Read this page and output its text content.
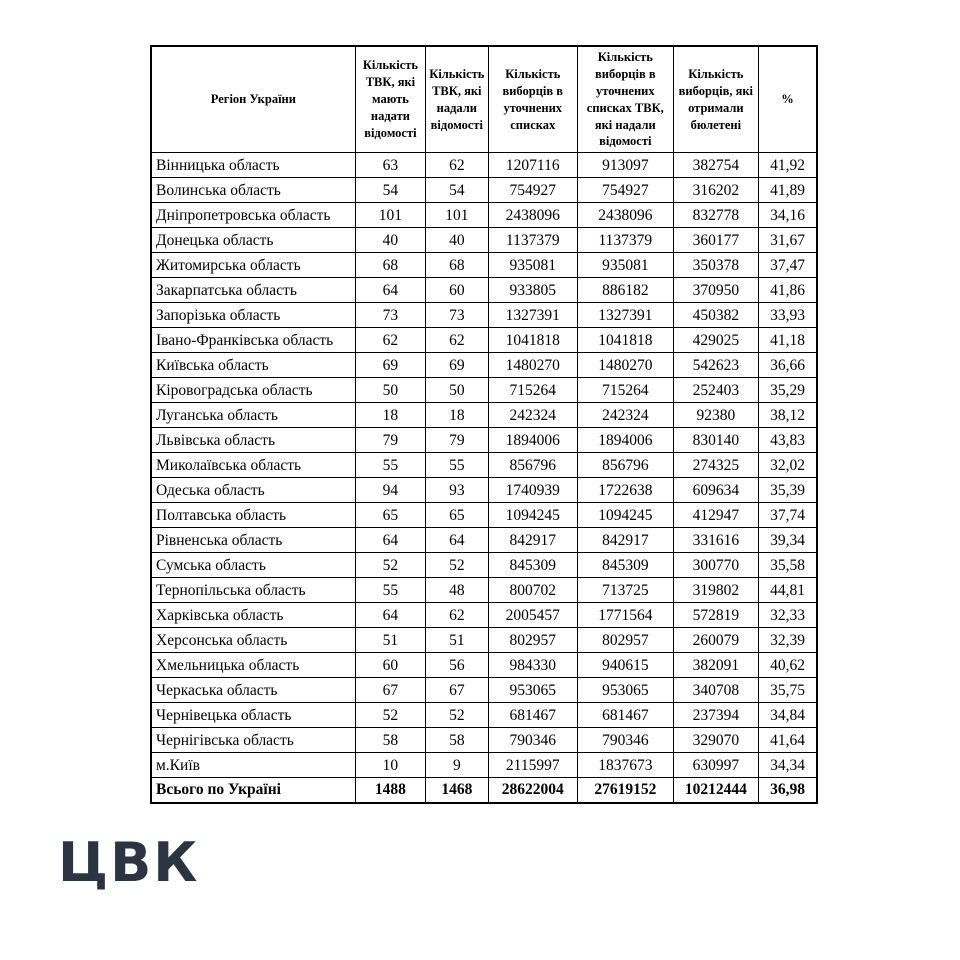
Регіон України	Кількість ТВК, які мають надати відомості	Кількість ТВК, які надали відомості	Кількість виборців в уточнених списках	Кількість виборців в уточнених списках ТВК, які надали відомості	Кількість виборців, які отримали бюлетені	%
Вінницька область	63	62	1207116	913097	382754	41,92
Волинська область	54	54	754927	754927	316202	41,89
Дніпропетровська область	101	101	2438096	2438096	832778	34,16
Донецька область	40	40	1137379	1137379	360177	31,67
Житомирська область	68	68	935081	935081	350378	37,47
Закарпатська область	64	60	933805	886182	370950	41,86
Запорізька область	73	73	1327391	1327391	450382	33,93
Івано-Франківська область	62	62	1041818	1041818	429025	41,18
Київська область	69	69	1480270	1480270	542623	36,66
Кіровоградська область	50	50	715264	715264	252403	35,29
Луганська область	18	18	242324	242324	92380	38,12
Львівська область	79	79	1894006	1894006	830140	43,83
Миколаївська область	55	55	856796	856796	274325	32,02
Одеська область	94	93	1740939	1722638	609634	35,39
Полтавська область	65	65	1094245	1094245	412947	37,74
Рівненська область	64	64	842917	842917	331616	39,34
Сумська область	52	52	845309	845309	300770	35,58
Тернопільська область	55	48	800702	713725	319802	44,81
Харківська область	64	62	2005457	1771564	572819	32,33
Херсонська область	51	51	802957	802957	260079	32,39
Хмельницька область	60	56	984330	940615	382091	40,62
Черкаська область	67	67	953065	953065	340708	35,75
Чернівецька область	52	52	681467	681467	237394	34,84
Чернігівська область	58	58	790346	790346	329070	41,64
м.Київ	10	9	2115997	1837673	630997	34,34
Всього по Україні	1488	1468	28622004	27619152	10212444	36,98
ЦВК
